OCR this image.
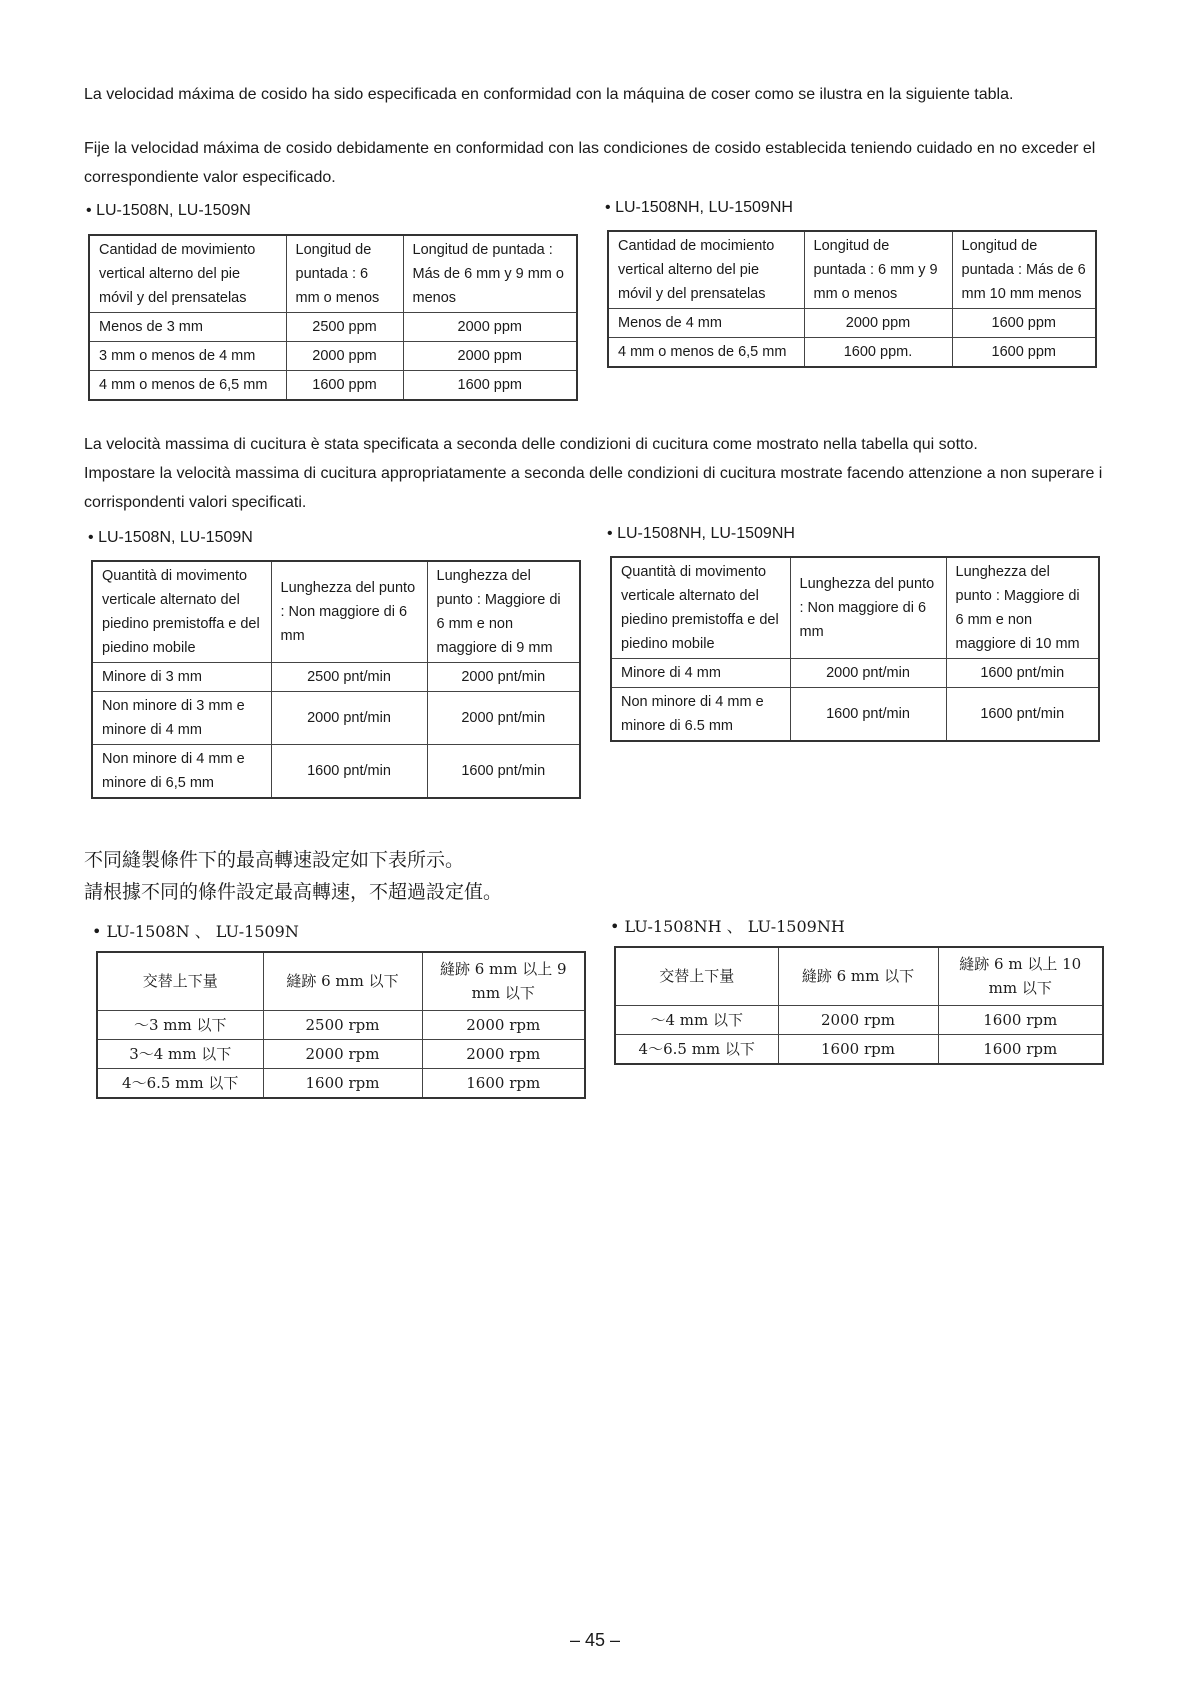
La velocidad máxima de cosido ha sido especificada en conformidad con la máquina de coser como se ilustra en la siguiente tabla.

Fije la velocidad máxima de cosido debidamente en conformidad con las condiciones de cosido establecida teniendo cuidado en no exceder el correspondiente valor especificado.

• LU-1508N, LU-1509N
Cantidad de movimiento vertical alterno del pie móvil y del prensatelas	Longitud de puntada : 6 mm o menos	Longitud de puntada : Más de 6 mm y 9 mm o menos
Menos de 3 mm	2500 ppm	2000 ppm
3 mm o menos de 4 mm	2000 ppm	2000 ppm
4 mm o menos de 6,5 mm	1600 ppm	1600 ppm
• LU-1508NH, LU-1509NH
Cantidad de mocimiento vertical alterno del pie móvil y del prensatelas	Longitud de puntada : 6 mm y 9 mm o menos	Longitud de puntada : Más de 6 mm 10 mm menos
Menos de 4 mm	2000 ppm	1600 ppm
4 mm o menos de 6,5 mm	1600 ppm.	1600 ppm

La velocità massima di cucitura è stata specificata a seconda delle condizioni di cucitura come mostrato nella tabella qui sotto.

Impostare la velocità massima di cucitura appropriatamente a seconda delle condizioni di cucitura mostrate facendo attenzione a non superare i corrispondenti valori specificati.

• LU-1508N, LU-1509N
Quantità di movimento verticale alternato del piedino premistoffa e del piedino mobile	Lunghezza del punto : Non maggiore di 6 mm	Lunghezza del punto : Maggiore di 6 mm e non maggiore di 9 mm
Minore di 3 mm	2500 pnt/min	2000 pnt/min
Non minore di 3 mm e minore di 4 mm	2000 pnt/min	2000 pnt/min
Non minore di 4 mm e minore di 6,5 mm	1600 pnt/min	1600 pnt/min
• LU-1508NH, LU-1509NH
Quantità di movimento verticale alternato del piedino premistoffa e del piedino mobile	Lunghezza del punto : Non maggiore di 6 mm	Lunghezza del punto : Maggiore di 6 mm e non maggiore di 10 mm
Minore di 4 mm	2000 pnt/min	1600 pnt/min
Non minore di 4 mm e minore di 6.5 mm	1600 pnt/min	1600 pnt/min

不同縫製條件下的最高轉速設定如下表所示。

請根據不同的條件設定最高轉速，不超過設定值。

• LU-1508N 、 LU-1509N
交替上下量	縫跡 6 mm 以下	縫跡 6 mm 以上 9 mm 以下
～3 mm 以下	2500 rpm	2000 rpm
3～4 mm 以下	2000 rpm	2000 rpm
4～6.5 mm 以下	1600 rpm	1600 rpm
• LU-1508NH 、 LU-1509NH
交替上下量	縫跡 6 mm 以下	縫跡 6 m 以上 10 mm 以下
～4 mm 以下	2000 rpm	1600 rpm
4～6.5 mm 以下	1600 rpm	1600 rpm
– 45 –
